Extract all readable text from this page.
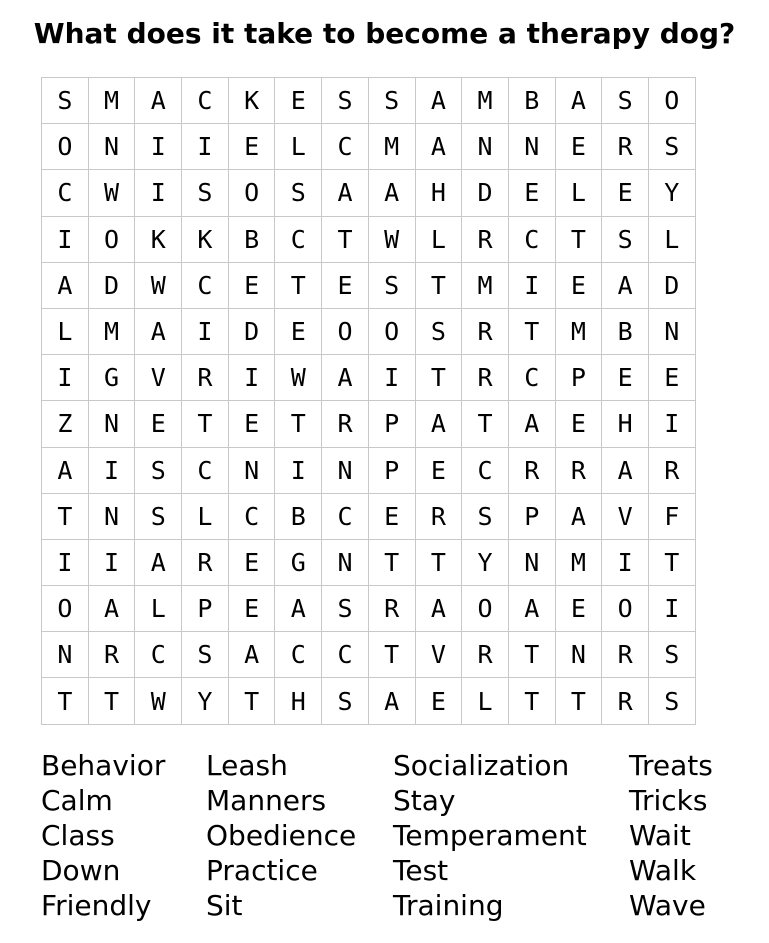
What does it take to become a therapy dog?
S	M	A	C	K	E	S	S	A	M	B	A	S	O
O	N	I	I	E	L	C	M	A	N	N	E	R	S
C	W	I	S	O	S	A	A	H	D	E	L	E	Y
I	O	K	K	B	C	T	W	L	R	C	T	S	L
A	D	W	C	E	T	E	S	T	M	I	E	A	D
L	M	A	I	D	E	O	O	S	R	T	M	B	N
I	G	V	R	I	W	A	I	T	R	C	P	E	E
Z	N	E	T	E	T	R	P	A	T	A	E	H	I
A	I	S	C	N	I	N	P	E	C	R	R	A	R
T	N	S	L	C	B	C	E	R	S	P	A	V	F
I	I	A	R	E	G	N	T	T	Y	N	M	I	T
O	A	L	P	E	A	S	R	A	O	A	E	O	I
N	R	C	S	A	C	C	T	V	R	T	N	R	S
T	T	W	Y	T	H	S	A	E	L	T	T	R	S
Behavior
Calm
Class
Down
Friendly
Leash
Manners
Obedience
Practice
Sit
Socialization
Stay
Temperament
Test
Training
Treats
Tricks
Wait
Walk
Wave
